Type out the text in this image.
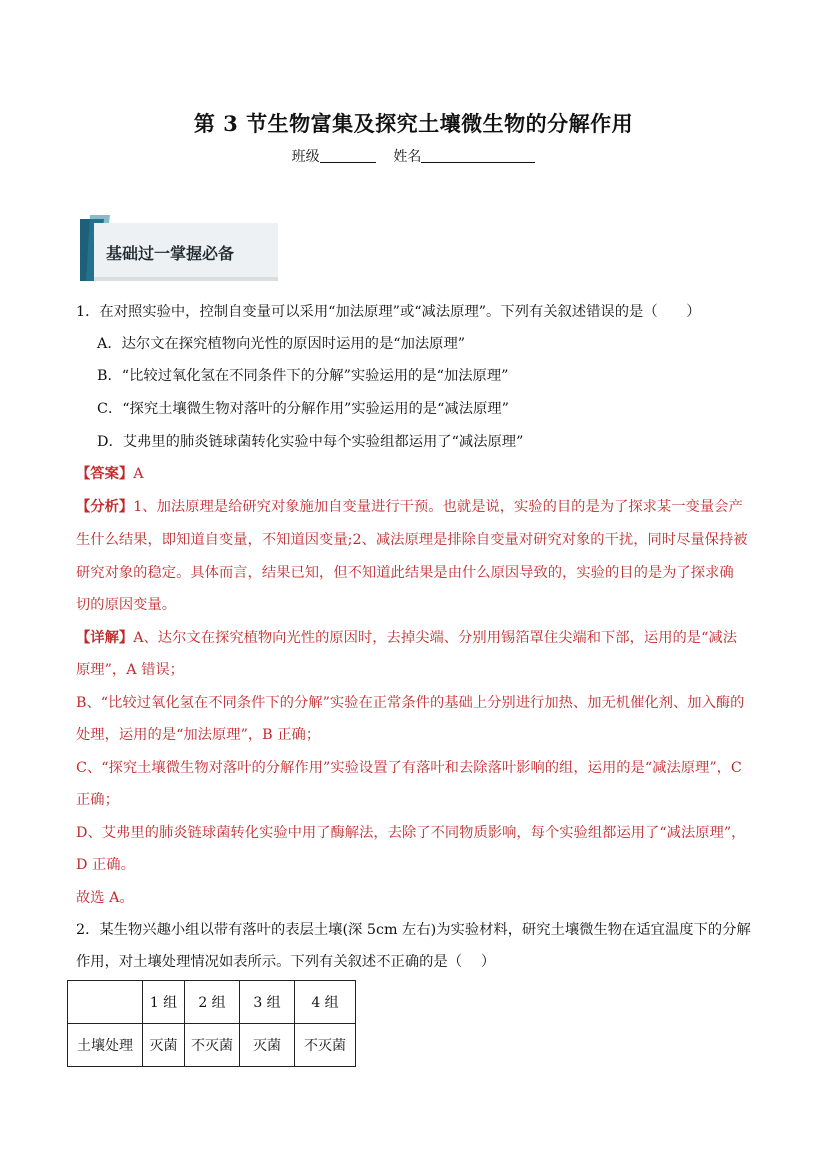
第 3 节生物富集及探究土壤微生物的分解作用
班级	姓名
基础过一掌握必备
1．在对照实验中，控制自变量可以采用“加法原理”或“减法原理”。下列有关叙述错误的是（　　）
A．达尔文在探究植物向光性的原因时运用的是“加法原理”
B．“比较过氧化氢在不同条件下的分解”实验运用的是“加法原理”
C．“探究土壤微生物对落叶的分解作用”实验运用的是“减法原理”
D．艾弗里的肺炎链球菌转化实验中每个实验组都运用了“减法原理”
【答案】A
【分析】1、加法原理是给研究对象施加自变量进行干预。也就是说，实验的目的是为了探求某一变量会产
生什么结果，即知道自变量，不知道因变量;2、减法原理是排除自变量对研究对象的干扰，同时尽量保持被
研究对象的稳定。具体而言，结果已知，但不知道此结果是由什么原因导致的，实验的目的是为了探求确
切的原因变量。
【详解】A、达尔文在探究植物向光性的原因时，去掉尖端、分别用锡箔罩住尖端和下部，运用的是“减法
原理”，A 错误；
B、“比较过氧化氢在不同条件下的分解”实验在正常条件的基础上分别进行加热、加无机催化剂、加入酶的
处理，运用的是“加法原理”，B 正确；
C、“探究土壤微生物对落叶的分解作用”实验设置了有落叶和去除落叶影响的组，运用的是“减法原理”，C
正确；
D、艾弗里的肺炎链球菌转化实验中用了酶解法，去除了不同物质影响，每个实验组都运用了“减法原理”，
D 正确。
故选 A。
2．某生物兴趣小组以带有落叶的表层土壤(深 5cm 左右)为实验材料，研究土壤微生物在适宜温度下的分解
作用，对土壤处理情况如表所示。下列有关叙述不正确的是（　 ）
	1 组	2 组	3 组	4 组
土壤处理	灭菌	不灭菌	灭菌	不灭菌
